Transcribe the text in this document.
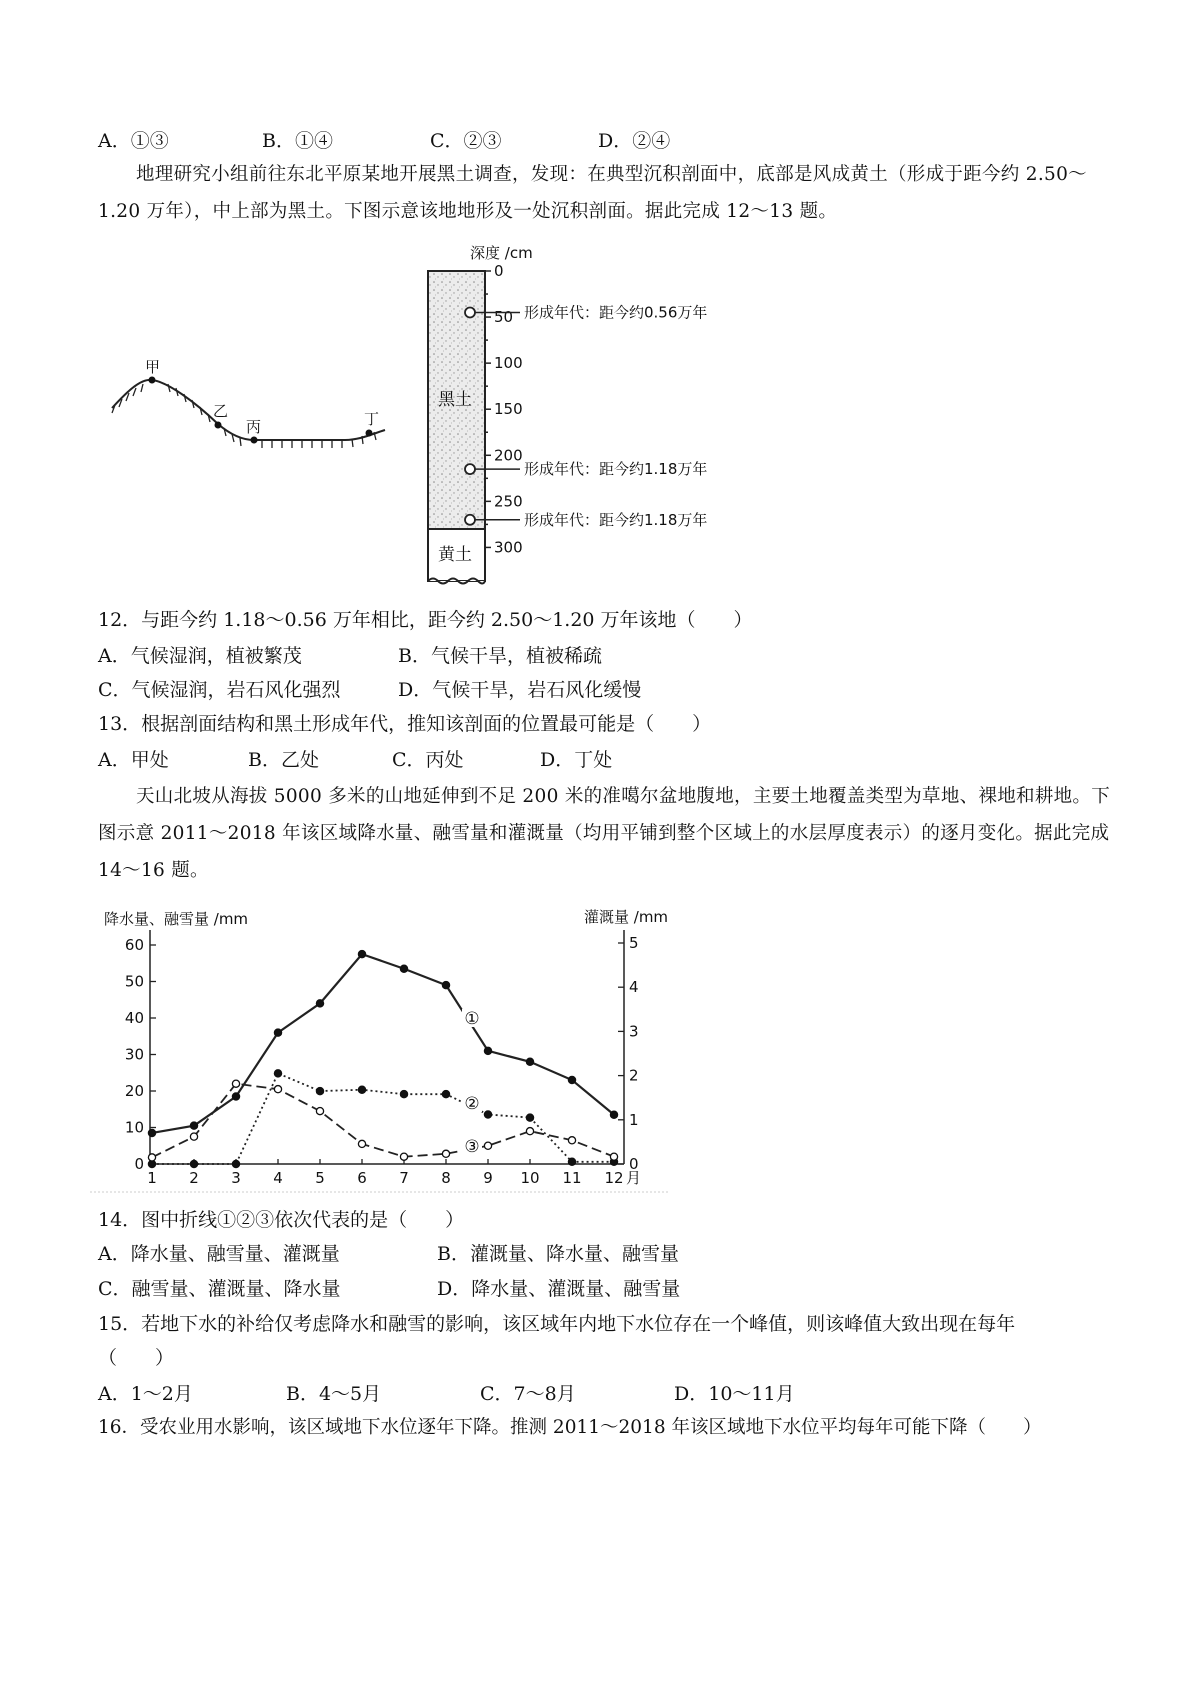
A．①③	B．①④	C．②③	D．②④
地理研究小组前往东北平原某地开展黑土调查，发现：在典型沉积剖面中，底部是风成黄土（形成于距今约 2.50～1.20 万年），中上部为黑土。下图示意该地地形及一处沉积剖面。据此完成 12～13 题。
甲
乙
丙	丁
黑土
黄土
深度 /cm
0
50
100
150
200
250
300
形成年代：距今约0.56万年
形成年代：距今约1.18万年
形成年代：距今约1.18万年
12．与距今约 1.18～0.56 万年相比，距今约 2.50～1.20 万年该地（　　）
A．气候湿润，植被繁茂	B．气候干旱，植被稀疏
C．气候湿润，岩石风化强烈	D．气候干旱，岩石风化缓慢
13．根据剖面结构和黑土形成年代，推知该剖面的位置最可能是（　　）
A．甲处	B．乙处	C．丙处	D．丁处
天山北坡从海拔 5000 多米的山地延伸到不足 200 米的准噶尔盆地腹地，主要土地覆盖类型为草地、裸地和耕地。下图示意 2011～2018 年该区域降水量、融雪量和灌溉量（均用平铺到整个区域上的水层厚度表示）的逐月变化。据此完成 14～16 题。
降水量、融雪量 /mm	灌溉量 /mm
0
10
20
30
40
50
60
0
1
2
3
4
5
1 2 3 4 5 6 7 8 9 10 11 12 月
①
②
③
14．图中折线①②③依次代表的是（　　）
A．降水量、融雪量、灌溉量	B．灌溉量、降水量、融雪量
C．融雪量、灌溉量、降水量	D．降水量、灌溉量、融雪量
15．若地下水的补给仅考虑降水和融雪的影响，该区域年内地下水位存在一个峰值，则该峰值大致出现在每年
（　　）
A．1～2月	B．4～5月	C．7～8月	D．10～11月
16．受农业用水影响，该区域地下水位逐年下降。推测 2011～2018 年该区域地下水位平均每年可能下降（　　）
